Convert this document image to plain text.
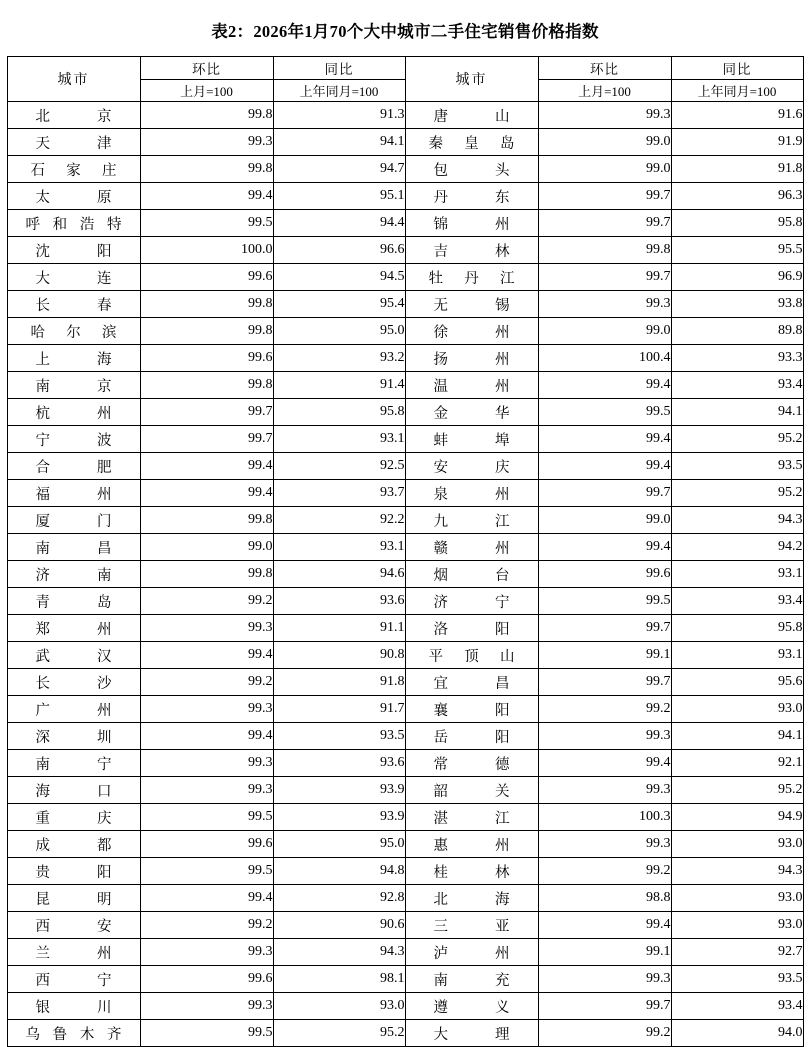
表2：2026年1月70个大中城市二手住宅销售价格指数
城市	环比	同比	城市	环比	同比
	上月=100	上年同月=100		上月=100	上年同月=100
北京	99.8	91.3	唐山	99.3	91.6
天津	99.3	94.1	秦皇岛	99.0	91.9
石家庄	99.8	94.7	包头	99.0	91.8
太原	99.4	95.1	丹东	99.7	96.3
呼和浩特	99.5	94.4	锦州	99.7	95.8
沈阳	100.0	96.6	吉林	99.8	95.5
大连	99.6	94.5	牡丹江	99.7	96.9
长春	99.8	95.4	无锡	99.3	93.8
哈尔滨	99.8	95.0	徐州	99.0	89.8
上海	99.6	93.2	扬州	100.4	93.3
南京	99.8	91.4	温州	99.4	93.4
杭州	99.7	95.8	金华	99.5	94.1
宁波	99.7	93.1	蚌埠	99.4	95.2
合肥	99.4	92.5	安庆	99.4	93.5
福州	99.4	93.7	泉州	99.7	95.2
厦门	99.8	92.2	九江	99.0	94.3
南昌	99.0	93.1	赣州	99.4	94.2
济南	99.8	94.6	烟台	99.6	93.1
青岛	99.2	93.6	济宁	99.5	93.4
郑州	99.3	91.1	洛阳	99.7	95.8
武汉	99.4	90.8	平顶山	99.1	93.1
长沙	99.2	91.8	宜昌	99.7	95.6
广州	99.3	91.7	襄阳	99.2	93.0
深圳	99.4	93.5	岳阳	99.3	94.1
南宁	99.3	93.6	常德	99.4	92.1
海口	99.3	93.9	韶关	99.3	95.2
重庆	99.5	93.9	湛江	100.3	94.9
成都	99.6	95.0	惠州	99.3	93.0
贵阳	99.5	94.8	桂林	99.2	94.3
昆明	99.4	92.8	北海	98.8	93.0
西安	99.2	90.6	三亚	99.4	93.0
兰州	99.3	94.3	泸州	99.1	92.7
西宁	99.6	98.1	南充	99.3	93.5
银川	99.3	93.0	遵义	99.7	93.4
乌鲁木齐	99.5	95.2	大理	99.2	94.0
